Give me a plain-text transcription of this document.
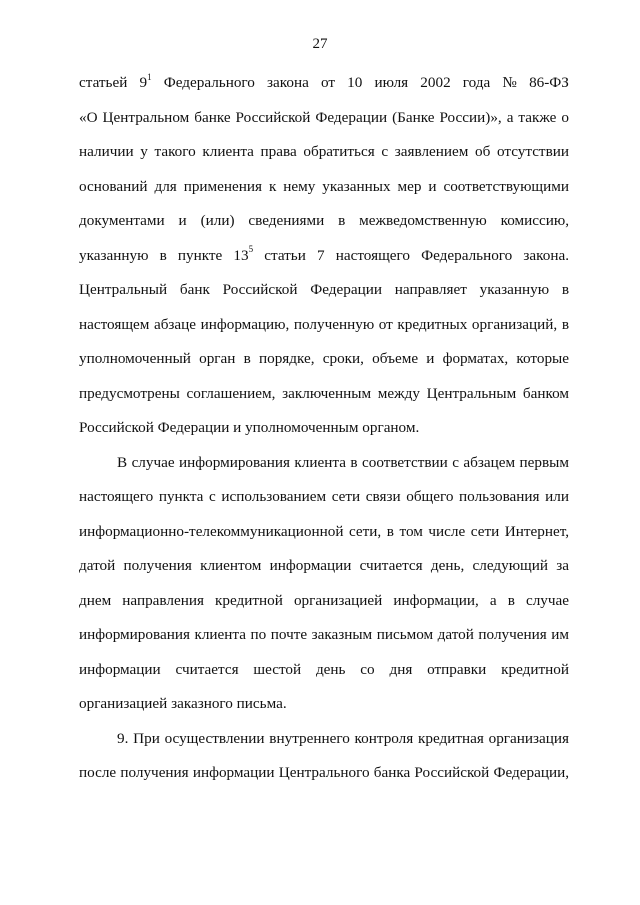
27

статьей $9^1$ Федерального закона от 10 июля 2002 года № 86-ФЗ
«О Центральном банке Российской Федерации (Банке России)», а также о
наличии у такого клиента права обратиться с заявлением об отсутствии
оснований для применения к нему указанных мер и соответствующими
документами и (или) сведениями в межведомственную комиссию,
указанную в пункте $13^5$ статьи 7 настоящего Федерального закона.
Центральный банк Российской Федерации направляет указанную в
настоящем абзаце информацию, полученную от кредитных организаций, в
уполномоченный орган в порядке, сроки, объеме и форматах, которые
предусмотрены соглашением, заключенным между Центральным банком
Российской Федерации и уполномоченным органом.

В случае информирования клиента в соответствии с абзацем первым
настоящего пункта с использованием сети связи общего пользования или
информационно-телекоммуникационной сети, в том числе сети Интернет,
датой получения клиентом информации считается день, следующий за
днем направления кредитной организацией информации, а в случае
информирования клиента по почте заказным письмом датой получения им
информации считается шестой день со дня отправки кредитной
организацией заказного письма.

9. При осуществлении внутреннего контроля кредитная организация
после получения информации Центрального банка Российской Федерации,
